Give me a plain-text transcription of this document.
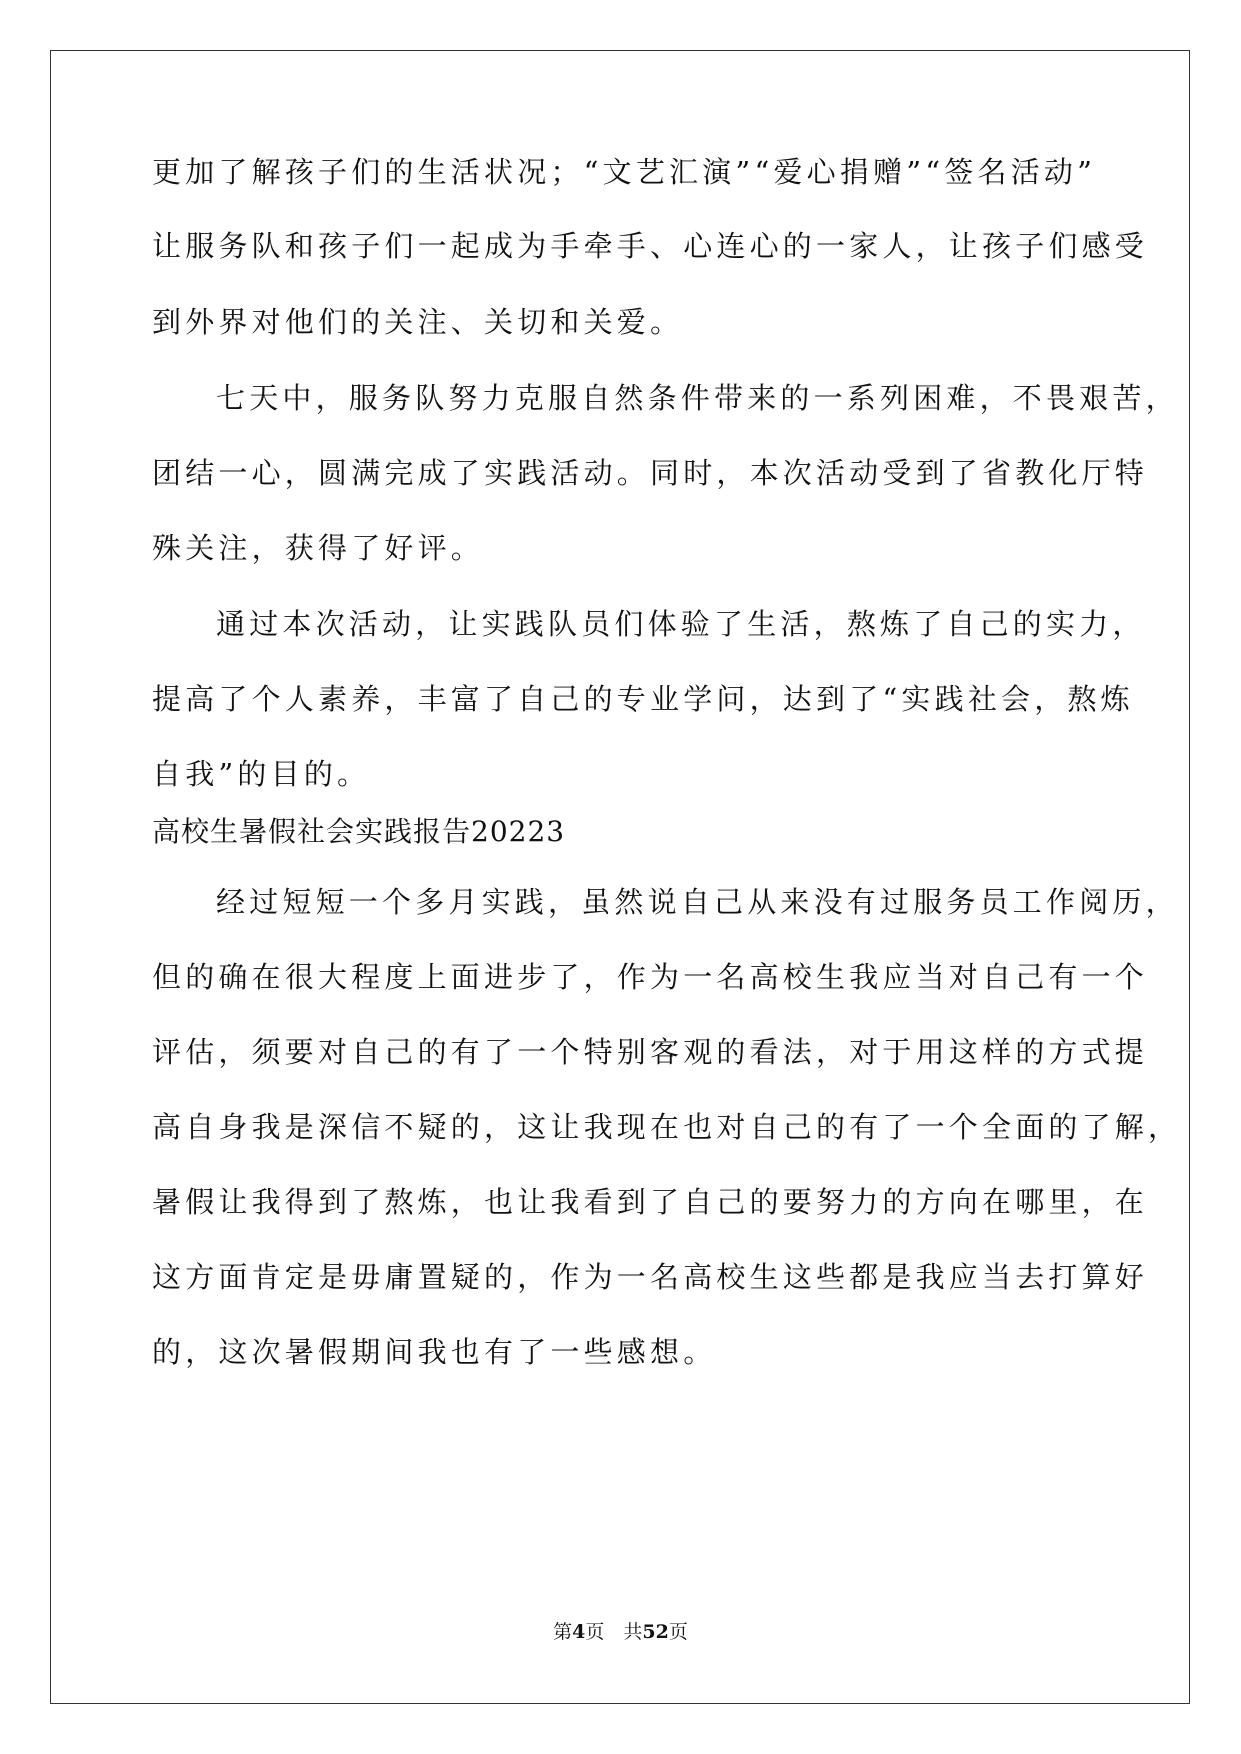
更加了解孩子们的生活状况；“文艺汇演”“爱心捐赠”“签名活动”
让服务队和孩子们一起成为手牵手、心连心的一家人，让孩子们感受
到外界对他们的关注、关切和关爱。
七天中，服务队努力克服自然条件带来的一系列困难，不畏艰苦，
团结一心，圆满完成了实践活动。同时，本次活动受到了省教化厅特
殊关注，获得了好评。
通过本次活动，让实践队员们体验了生活，熬炼了自己的实力，
提高了个人素养，丰富了自己的专业学问，达到了“实践社会，熬炼
自我”的目的。
高校生暑假社会实践报告20223
经过短短一个多月实践，虽然说自己从来没有过服务员工作阅历，
但的确在很大程度上面进步了，作为一名高校生我应当对自己有一个
评估，须要对自己的有了一个特别客观的看法，对于用这样的方式提
高自身我是深信不疑的，这让我现在也对自己的有了一个全面的了解，
暑假让我得到了熬炼，也让我看到了自己的要努力的方向在哪里，在
这方面肯定是毋庸置疑的，作为一名高校生这些都是我应当去打算好
的，这次暑假期间我也有了一些感想。
第4页　共52页
